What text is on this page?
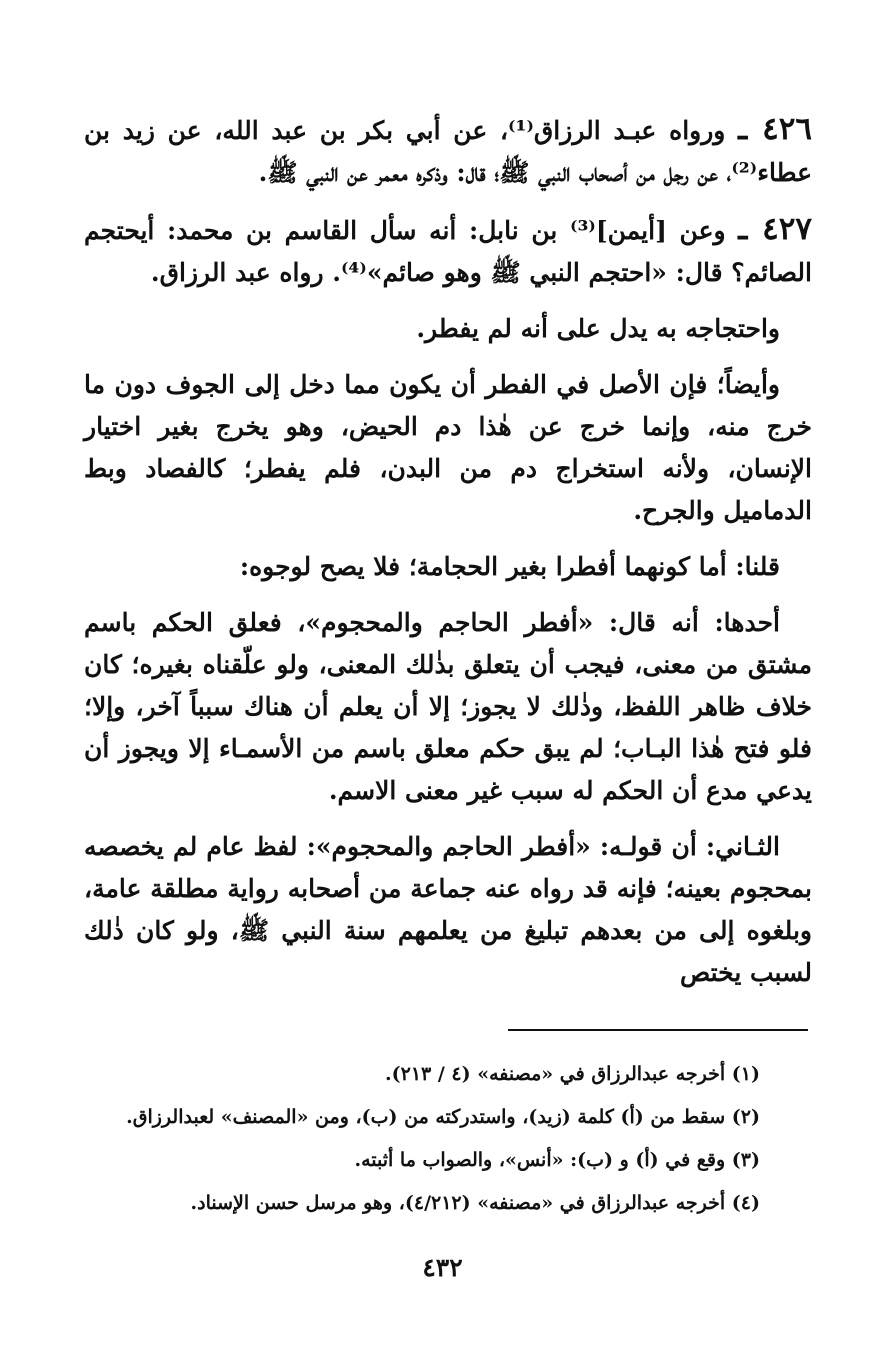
٤٢٦ ـ ورواه عبـد الرزاق⁽¹⁾، عن أبي بكر بن عبد الله، عن زيد بن عطاء⁽²⁾، عن رجل من أصحاب النبي ﷺ؛ قال: وذكره معمر عن النبي ﷺ.

٤٢٧ ـ وعن [أيمن]⁽³⁾ بن نابل: أنه سأل القاسم بن محمد: أيحتجم الصائم؟ قال: «احتجم النبي ﷺ وهو صائم»⁽⁴⁾. رواه عبد الرزاق.

واحتجاجه به يدل على أنه لم يفطر.

وأيضاً؛ فإن الأصل في الفطر أن يكون مما دخل إلى الجوف دون ما خرج منه، وإنما خرج عن هٰذا دم الحيض، وهو يخرج بغير اختيار الإنسان، ولأنه استخراج دم من البدن، فلم يفطر؛ كالفصاد وبط الدماميل والجرح.

قلنا: أما كونهما أفطرا بغير الحجامة؛ فلا يصح لوجوه:

أحدها: أنه قال: «أفطر الحاجم والمحجوم»، فعلق الحكم باسم مشتق من معنى، فيجب أن يتعلق بذٰلك المعنى، ولو علّقناه بغيره؛ كان خلاف ظاهر اللفظ، وذٰلك لا يجوز؛ إلا أن يعلم أن هناك سبباً آخر، وإلا؛ فلو فتح هٰذا البـاب؛ لم يبق حكم معلق باسم من الأسمـاء إلا ويجوز أن يدعي مدع أن الحكم له سبب غير معنى الاسم.

الثـاني: أن قولـه: «أفطر الحاجم والمحجوم»: لفظ عام لم يخصصه بمحجوم بعينه؛ فإنه قد رواه عنه جماعة من أصحابه رواية مطلقة عامة، وبلغوه إلى من بعدهم تبليغ من يعلمهم سنة النبي ﷺ، ولو كان ذٰلك لسبب يختص

(١) أخرجه عبدالرزاق في «مصنفه» (٤ / ٢١٣).

(٢) سقط من (أ) كلمة (زيد)، واستدركته من (ب)، ومن «المصنف» لعبدالرزاق.

(٣) وقع في (أ) و (ب): «أنس»، والصواب ما أثبته.

(٤) أخرجه عبدالرزاق في «مصنفه» (٤/٢١٢)، وهو مرسل حسن الإسناد.

٤٣٢
